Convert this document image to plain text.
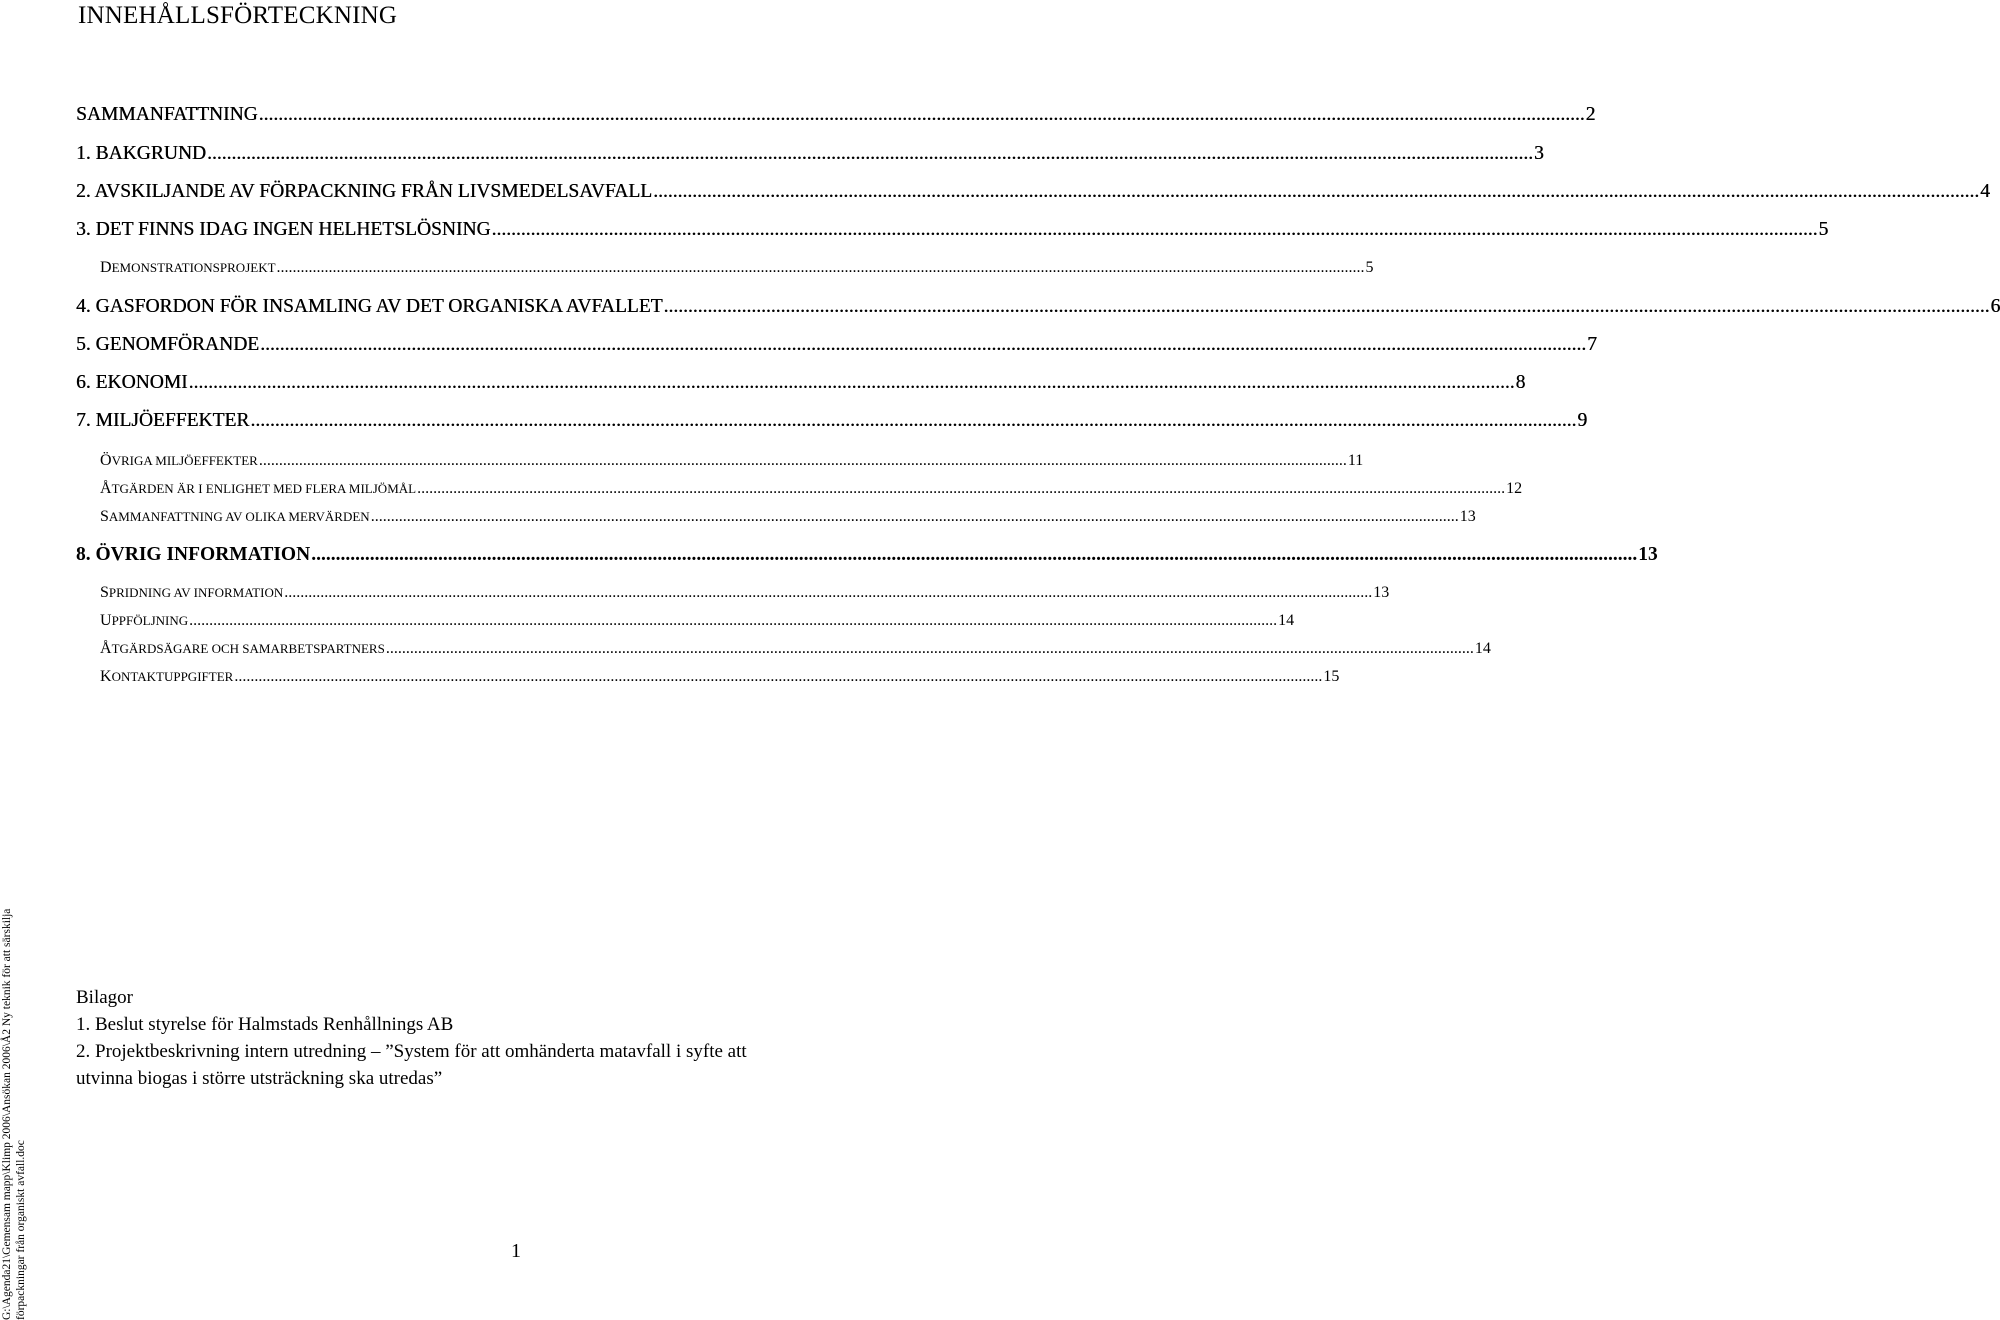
INNEHÅLLSFÖRTECKNING
SAMMANFATTNING .....	2
1. BAKGRUND .....	3
2. AVSKILJANDE AV FÖRPACKNING FRÅN LIVSMEDELSAVFALL .....	4
3. DET FINNS IDAG INGEN HELHETSLÖSNING .....	5
DEMONSTRATIONSPROJEKT .....	5
4. GASFORDON FÖR INSAMLING AV DET ORGANISKA AVFALLET .....	6
5. GENOMFÖRANDE .....	7
6. EKONOMI .....	8
7. MILJÖEFFEKTER .....	9
ÖVRIGA MILJÖEFFEKTER .....	11
ÅTGÄRDEN ÄR I ENLIGHET MED FLERA MILJÖMÅL .....	12
SAMMANFATTNING AV OLIKA MERVÄRDEN .....	13
8. ÖVRIG INFORMATION .....	13
SPRIDNING AV INFORMATION .....	13
UPPFÖLJNING .....	14
ÅTGÄRDSÄGARE OCH SAMARBETSPARTNERS .....	14
KONTAKTUPPGIFTER .....	15

Bilagor

1. Beslut styrelse för Halmstads Renhållnings AB

2. Projektbeskrivning intern utredning – ”System för att omhänderta matavfall i syfte att

utvinna biogas i större utsträckning ska utredas”

1
G:\Agenda21\Gemensam mapp\Klimp 2006\Ansökan 2006\Å2 Ny teknik för att särskilja förpackningar från organiskt avfall.doc
